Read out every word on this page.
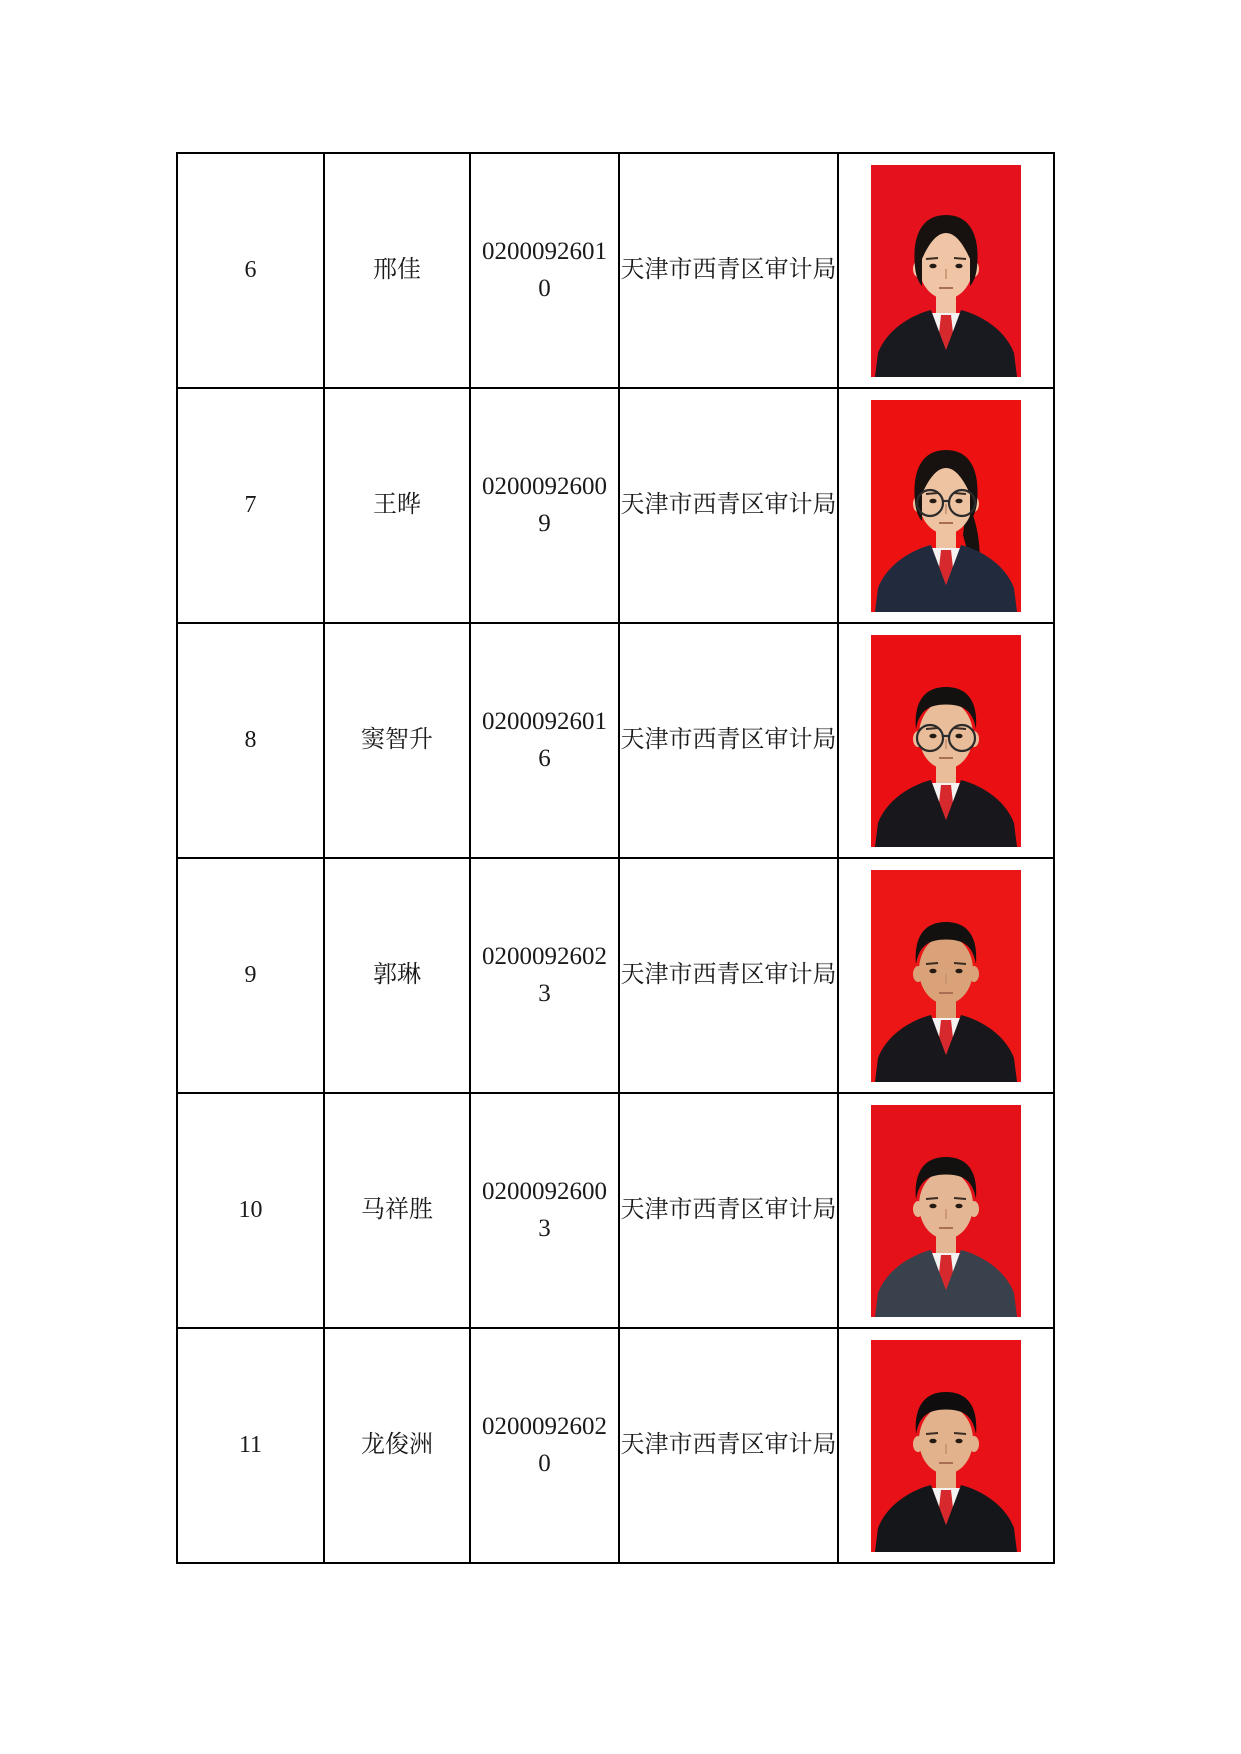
6	邢佳	02000926010	天津市西青区审计局	

7	王晔	02000926009	天津市西青区审计局	

8	窦智升	02000926016	天津市西青区审计局	

9	郭琳	02000926023	天津市西青区审计局	

10	马祥胜	02000926003	天津市西青区审计局	

11	龙俊洲	02000926020	天津市西青区审计局	
